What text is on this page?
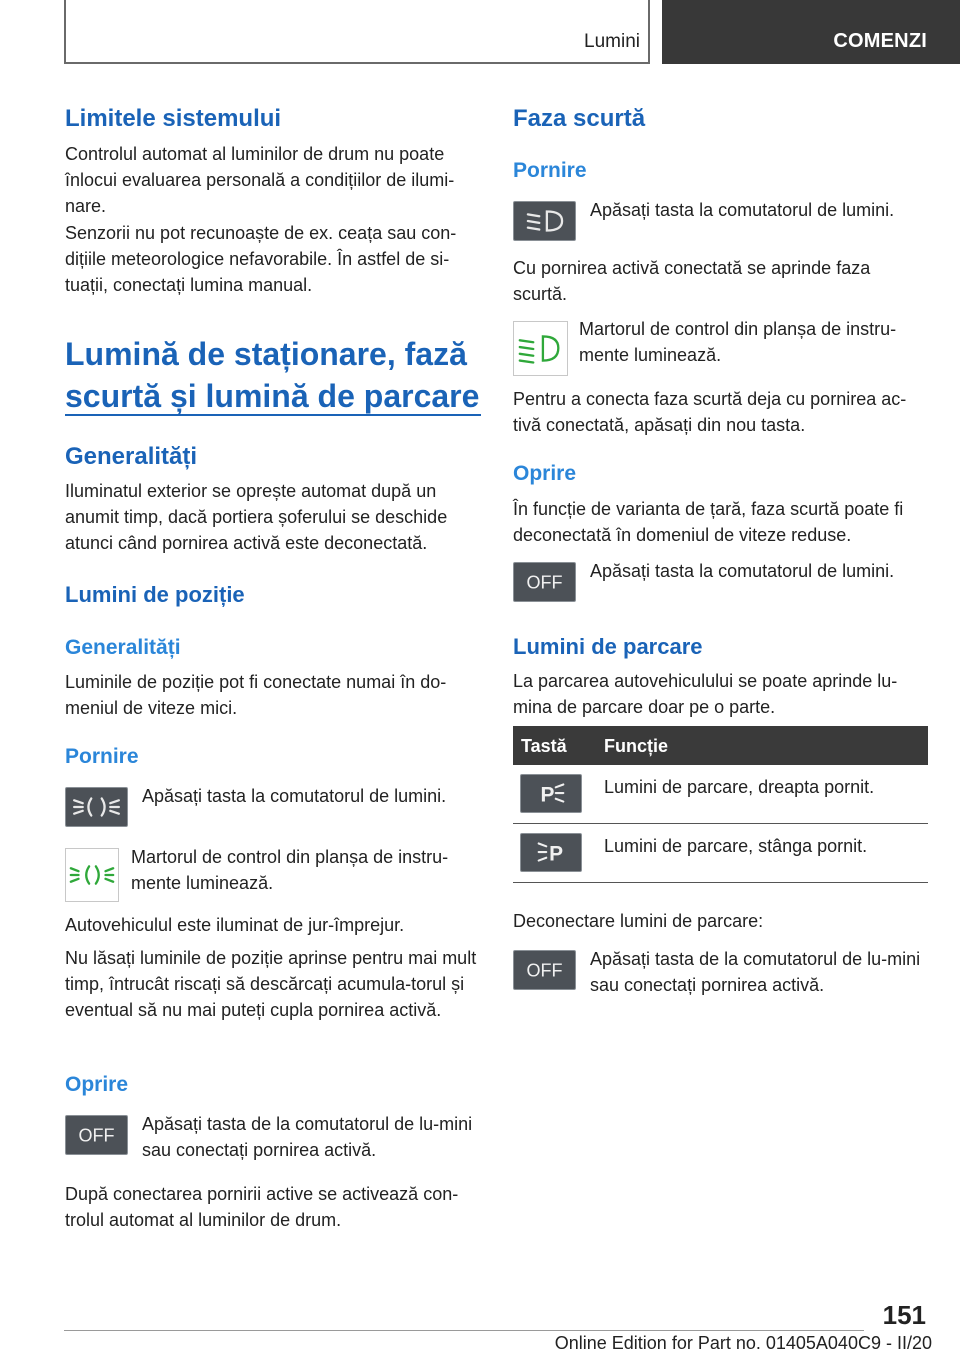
Lumini	COMENZI
Limitele sistemului
Controlul automat al luminilor de drum nu poate înlocui evaluarea personală a condițiilor de ilumi-nare.
Senzorii nu pot recunoaște de ex. ceața sau con-dițiile meteorologice nefavorabile. În astfel de si-tuații, conectați lumina manual.
Lumină de staționare, fază
scurtă și lumină de parcare
Generalități
Iluminatul exterior se oprește automat după un anumit timp, dacă portiera șoferului se deschide atunci când pornirea activă este deconectată.
Lumini de poziție
Generalități
Luminile de poziție pot fi conectate numai în do-meniul de viteze mici.
Pornire
Apăsați tasta la comutatorul de lumini.
Martorul de control din planșa de instru-mente luminează.
Autovehiculul este iluminat de jur-împrejur.
Nu lăsați luminile de poziție aprinse pentru mai mult timp, întrucât riscați să descărcați acumula-torul și eventual să nu mai puteți cupla pornirea activă.
Oprire
OFF
Apăsați tasta de la comutatorul de lu-mini sau conectați pornirea activă.
După conectarea pornirii active se activează con-trolul automat al luminilor de drum.
Faza scurtă
Pornire
Apăsați tasta la comutatorul de lumini.
Cu pornirea activă conectată se aprinde faza scurtă.
Martorul de control din planșa de instru-mente luminează.
Pentru a conecta faza scurtă deja cu pornirea ac-tivă conectată, apăsați din nou tasta.
Oprire
În funcție de varianta de țară, faza scurtă poate fi deconectată în domeniul de viteze reduse.
OFF
Apăsați tasta la comutatorul de lumini.
Lumini de parcare
La parcarea autovehiculului se poate aprinde lu-mina de parcare doar pe o parte.
Tastă Funcție
P	Lumini de parcare, dreapta pornit.
P Lumini de parcare, stânga pornit.
Deconectare lumini de parcare:
OFF
Apăsați tasta de la comutatorul de lu-mini sau conectați pornirea activă.
151
Online Edition for Part no. 01405A040C9 - II/20
